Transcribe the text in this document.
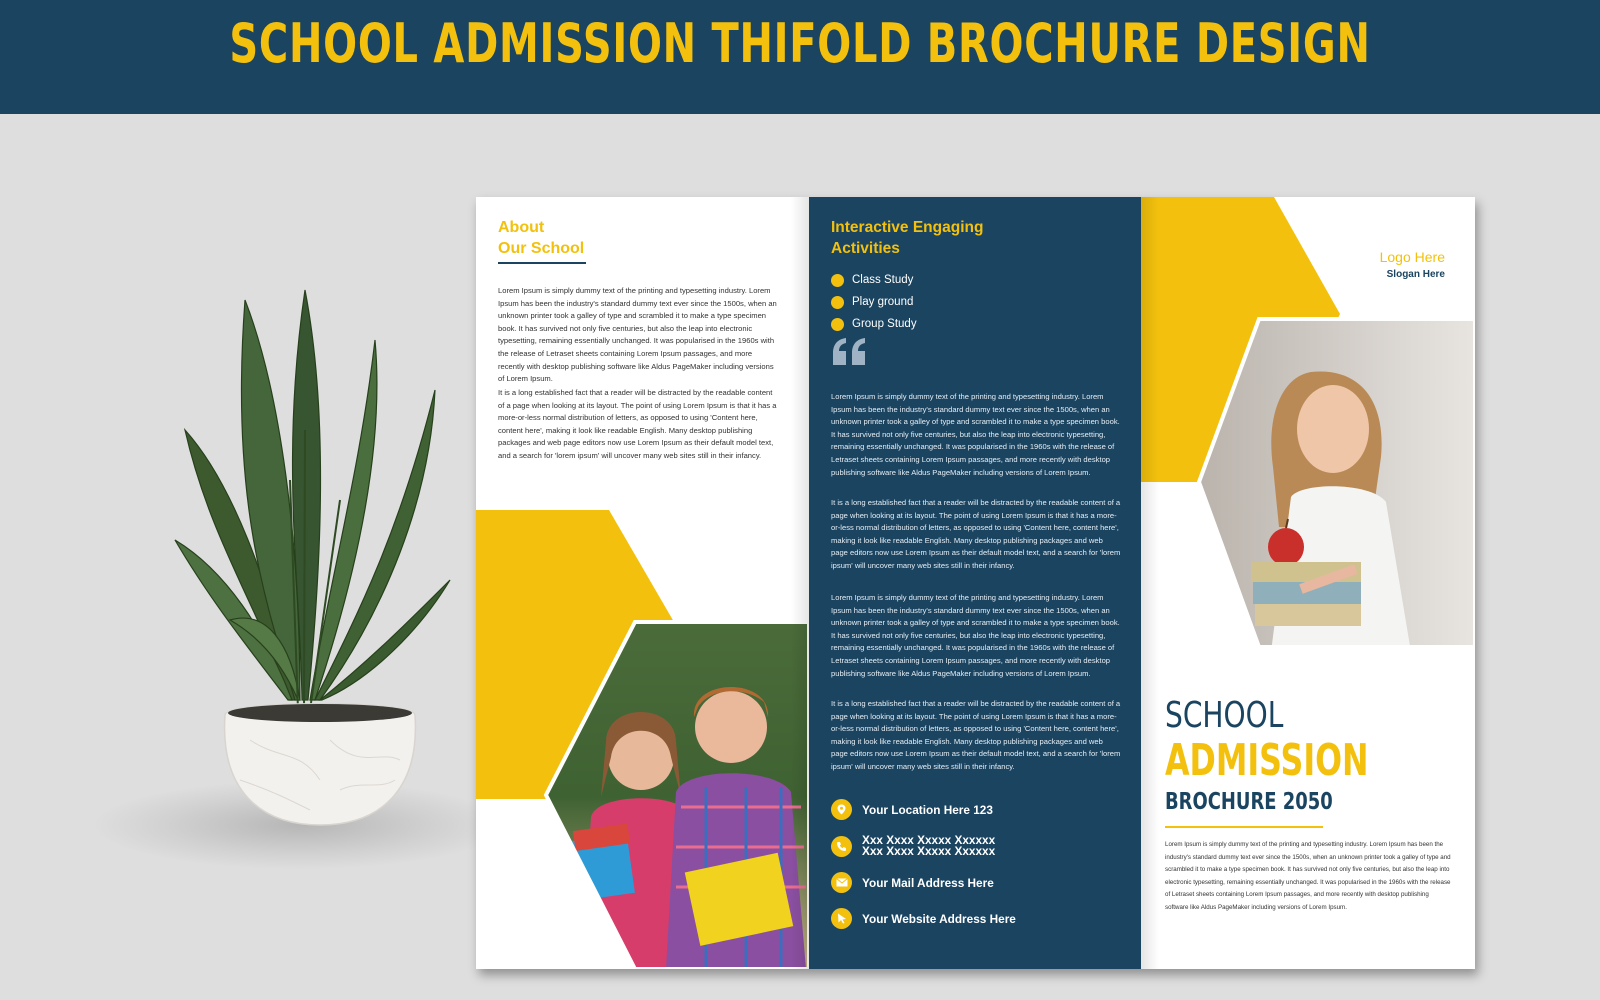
SCHOOL ADMISSION THIFOLD BROCHURE DESIGN
About
Our School

Lorem Ipsum is simply dummy text of the printing and typesetting industry. Lorem Ipsum has been the industry's standard dummy text ever since the 1500s, when an unknown printer took a galley of type and scrambled it to make a type specimen book. It has survived not only five centuries, but also the leap into electronic typesetting, remaining essentially unchanged. It was popularised in the 1960s with the release of Letraset sheets containing Lorem Ipsum passages, and more recently with desktop publishing software like Aldus PageMaker including versions of Lorem Ipsum.

It is a long established fact that a reader will be distracted by the readable content of a page when looking at its layout. The point of using Lorem Ipsum is that it has a more-or-less normal distribution of letters, as opposed to using 'Content here, content here', making it look like readable English. Many desktop publishing packages and web page editors now use Lorem Ipsum as their default model text, and a search for 'lorem ipsum' will uncover many web sites still in their infancy.

Interactive Engaging
Activities
Class Study
Play ground
Group Study

Lorem Ipsum is simply dummy text of the printing and typesetting industry. Lorem Ipsum has been the industry's standard dummy text ever since the 1500s, when an unknown printer took a galley of type and scrambled it to make a type specimen book. It has survived not only five centuries, but also the leap into electronic typesetting, remaining essentially unchanged. It was popularised in the 1960s with the release of Letraset sheets containing Lorem Ipsum passages, and more recently with desktop publishing software like Aldus PageMaker including versions of Lorem Ipsum.

It is a long established fact that a reader will be distracted by the readable content of a page when looking at its layout. The point of using Lorem Ipsum is that it has a more-or-less normal distribution of letters, as opposed to using 'Content here, content here', making it look like readable English. Many desktop publishing packages and web page editors now use Lorem Ipsum as their default model text, and a search for 'lorem ipsum' will uncover many web sites still in their infancy.

Lorem Ipsum is simply dummy text of the printing and typesetting industry. Lorem Ipsum has been the industry's standard dummy text ever since the 1500s, when an unknown printer took a galley of type and scrambled it to make a type specimen book. It has survived not only five centuries, but also the leap into electronic typesetting, remaining essentially unchanged. It was popularised in the 1960s with the release of Letraset sheets containing Lorem Ipsum passages, and more recently with desktop publishing software like Aldus PageMaker including versions of Lorem Ipsum.

It is a long established fact that a reader will be distracted by the readable content of a page when looking at its layout. The point of using Lorem Ipsum is that it has a more-or-less normal distribution of letters, as opposed to using 'Content here, content here', making it look like readable English. Many desktop publishing packages and web page editors now use Lorem Ipsum as their default model text, and a search for 'lorem ipsum' will uncover many web sites still in their infancy.

Your Location Here 123
Xxx Xxxx Xxxxx Xxxxxx
Xxx Xxxx Xxxxx Xxxxxx
Your Mail Address Here
Your Website Address Here
Logo Here
Slogan Here
SCHOOL
ADMISSION
BROCHURE 2050

Lorem Ipsum is simply dummy text of the printing and typesetting industry. Lorem Ipsum has been the industry's standard dummy text ever since the 1500s, when an unknown printer took a galley of type and scrambled it to make a type specimen book. It has survived not only five centuries, but also the leap into electronic typesetting, remaining essentially unchanged. It was popularised in the 1960s with the release of Letraset sheets containing Lorem Ipsum passages, and more recently with desktop publishing software like Aldus PageMaker including versions of Lorem Ipsum.
